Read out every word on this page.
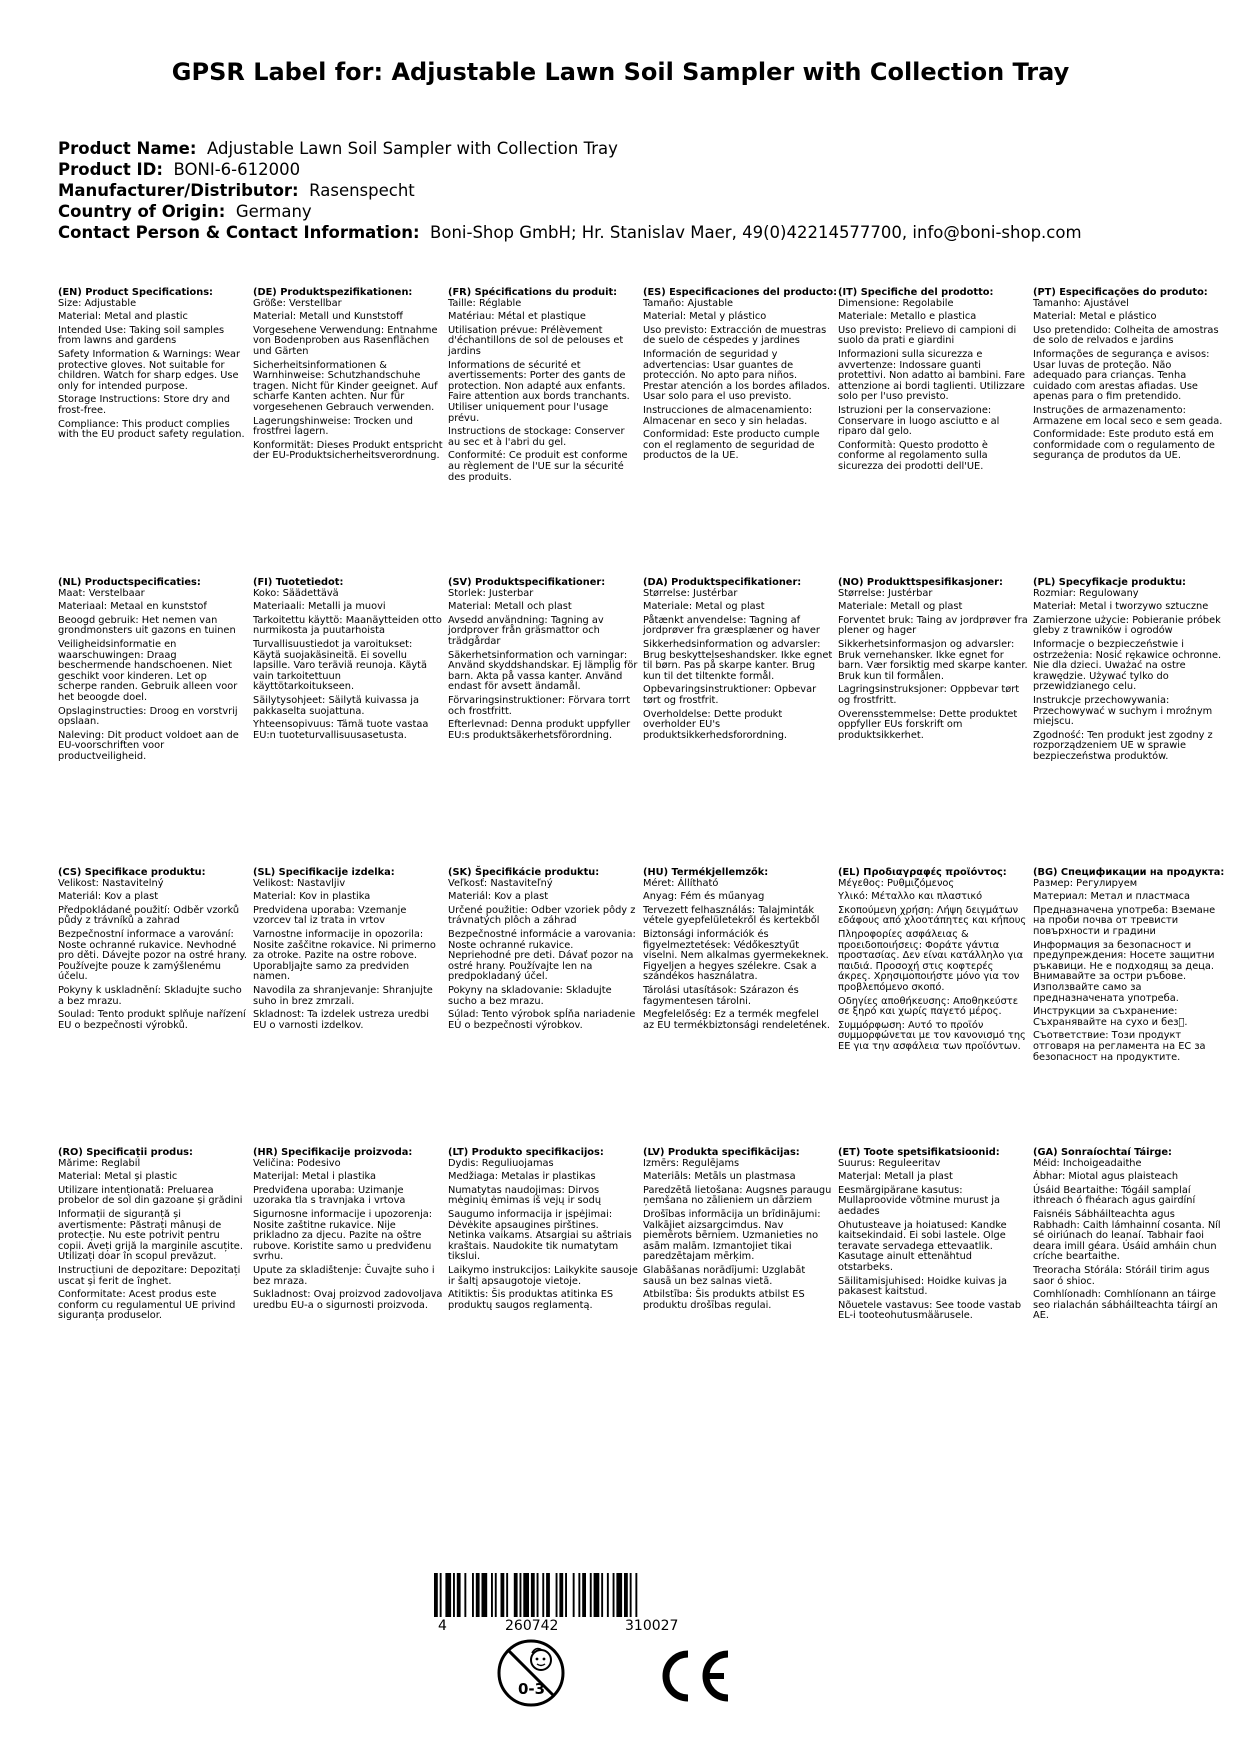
GPSR Label for: Adjustable Lawn Soil Sampler with Collection Tray
Product Name: Adjustable Lawn Soil Sampler with Collection Tray
Product ID: BONI-6-612000
Manufacturer/Distributor: Rasenspecht
Country of Origin: Germany
Contact Person & Contact Information: Boni-Shop GmbH; Hr. Stanislav Maer, 49(0)42214577700, info@boni-shop.com
(EN) Product Specifications:

Size: Adjustable

Material: Metal and plastic

Intended Use: Taking soil samples from lawns and gardens

Safety Information & Warnings: Wear protective gloves. Not suitable for children. Watch for sharp edges. Use only for intended purpose.

Storage Instructions: Store dry and frost-free.

Compliance: This product complies with the EU product safety regulation.

(DE) Produktspezifikationen:

Größe: Verstellbar

Material: Metall und Kunststoff

Vorgesehene Verwendung: Entnahme von Bodenproben aus Rasenflächen und Gärten

Sicherheitsinformationen & Warnhinweise: Schutzhandschuhe tragen. Nicht für Kinder geeignet. Auf scharfe Kanten achten. Nur für vorgesehenen Gebrauch verwenden.

Lagerungshinweise: Trocken und frostfrei lagern.

Konformität: Dieses Produkt entspricht der EU-Produktsicherheitsverordnung.

(FR) Spécifications du produit:

Taille: Réglable

Matériau: Métal et plastique

Utilisation prévue: Prélèvement d'échantillons de sol de pelouses et jardins

Informations de sécurité et avertissements: Porter des gants de protection. Non adapté aux enfants. Faire attention aux bords tranchants. Utiliser uniquement pour l'usage prévu.

Instructions de stockage: Conserver au sec et à l'abri du gel.

Conformité: Ce produit est conforme au règlement de l'UE sur la sécurité des produits.

(ES) Especificaciones del producto:

Tamaño: Ajustable

Material: Metal y plástico

Uso previsto: Extracción de muestras de suelo de céspedes y jardines

Información de seguridad y advertencias: Usar guantes de protección. No apto para niños. Prestar atención a los bordes afilados. Usar solo para el uso previsto.

Instrucciones de almacenamiento: Almacenar en seco y sin heladas.

Conformidad: Este producto cumple con el reglamento de seguridad de productos de la UE.

(IT) Specifiche del prodotto:

Dimensione: Regolabile

Materiale: Metallo e plastica

Uso previsto: Prelievo di campioni di suolo da prati e giardini

Informazioni sulla sicurezza e avvertenze: Indossare guanti protettivi. Non adatto ai bambini. Fare attenzione ai bordi taglienti. Utilizzare solo per l'uso previsto.

Istruzioni per la conservazione: Conservare in luogo asciutto e al riparo dal gelo.

Conformità: Questo prodotto è conforme al regolamento sulla sicurezza dei prodotti dell'UE.

(PT) Especificações do produto:

Tamanho: Ajustável

Material: Metal e plástico

Uso pretendido: Colheita de amostras de solo de relvados e jardins

Informações de segurança e avisos: Usar luvas de proteção. Não adequado para crianças. Tenha cuidado com arestas afiadas. Use apenas para o fim pretendido.

Instruções de armazenamento: Armazene em local seco e sem geada.

Conformidade: Este produto está em conformidade com o regulamento de segurança de produtos da UE.

(NL) Productspecificaties:

Maat: Verstelbaar

Materiaal: Metaal en kunststof

Beoogd gebruik: Het nemen van grondmonsters uit gazons en tuinen

Veiligheidsinformatie en waarschuwingen: Draag beschermende handschoenen. Niet geschikt voor kinderen. Let op scherpe randen. Gebruik alleen voor het beoogde doel.

Opslaginstructies: Droog en vorstvrij opslaan.

Naleving: Dit product voldoet aan de EU-voorschriften voor productveiligheid.

(FI) Tuotetiedot:

Koko: Säädettävä

Materiaali: Metalli ja muovi

Tarkoitettu käyttö: Maanäytteiden otto nurmikosta ja puutarhoista

Turvallisuustiedot ja varoitukset: Käytä suojakäsineitä. Ei sovellu lapsille. Varo teräviä reunoja. Käytä vain tarkoitettuun käyttötarkoitukseen.

Säilytysohjeet: Säilytä kuivassa ja pakkaselta suojattuna.

Yhteensopivuus: Tämä tuote vastaa EU:n tuoteturvallisuusasetusta.

(SV) Produktspecifikationer:

Storlek: Justerbar

Material: Metall och plast

Avsedd användning: Tagning av jordprover från gräsmattor och trädgårdar

Säkerhetsinformation och varningar: Använd skyddshandskar. Ej lämplig för barn. Akta på vassa kanter. Använd endast för avsett ändamål.

Förvaringsinstruktioner: Förvara torrt och frostfritt.

Efterlevnad: Denna produkt uppfyller EU:s produktsäkerhetsförordning.

(DA) Produktspecifikationer:

Størrelse: Justérbar

Materiale: Metal og plast

Påtænkt anvendelse: Tagning af jordprøver fra græsplæner og haver

Sikkerhedsinformation og advarsler: Brug beskyttelseshandsker. Ikke egnet til børn. Pas på skarpe kanter. Brug kun til det tiltenkte formål.

Opbevaringsinstruktioner: Opbevar tørt og frostfrit.

Overholdelse: Dette produkt overholder EU's produktsikkerhedsforordning.

(NO) Produkttspesifikasjoner:

Størrelse: Justérbar

Materiale: Metall og plast

Forventet bruk: Taing av jordprøver fra plener og hager

Sikkerhetsinformasjon og advarsler: Bruk vernehansker. Ikke egnet for barn. Vær forsiktig med skarpe kanter. Bruk kun til formålen.

Lagringsinstruksjoner: Oppbevar tørt og frostfritt.

Overensstemmelse: Dette produktet oppfyller EUs forskrift om produktsikkerhet.

(PL) Specyfikacje produktu:

Rozmiar: Regulowany

Materiał: Metal i tworzywo sztuczne

Zamierzone użycie: Pobieranie próbek gleby z trawników i ogrodów

Informacje o bezpieczeństwie i ostrzeżenia: Nosić rękawice ochronne. Nie dla dzieci. Uważać na ostre krawędzie. Używać tylko do przewidzianego celu.

Instrukcje przechowywania: Przechowywać w suchym i mroźnym miejscu.

Zgodność: Ten produkt jest zgodny z rozporządzeniem UE w sprawie bezpieczeństwa produktów.

(CS) Specifikace produktu:

Velikost: Nastavitelný

Materiál: Kov a plast

Předpokládané použití: Odběr vzorků půdy z trávníků a zahrad

Bezpečnostní informace a varování: Noste ochranné rukavice. Nevhodné pro děti. Dávejte pozor na ostré hrany. Používejte pouze k zamýšlenému účelu.

Pokyny k uskladnění: Skladujte suchо a bez mrazu.

Soulad: Tento produkt splňuje nařízení EU o bezpečnosti výrobků.

(SL) Specifikacije izdelka:

Velikost: Nastavljiv

Material: Kov in plastika

Predvidena uporaba: Vzemanje vzorcev tal iz trata in vrtov

Varnostne informacije in opozorila: Nosite zaščitne rokavice. Ni primerno za otroke. Pazite na ostre robove. Uporabljajte samo za predviden namen.

Navodila za shranjevanje: Shranjujte suho in brez zmrzali.

Skladnost: Ta izdelek ustreza uredbi EU o varnosti izdelkov.

(SK) Špecifikácie produktu:

Veľkosť: Nastaviteľný

Materiál: Kov a plast

Určené použitie: Odber vzoriek pôdy z trávnatých plôch a záhrad

Bezpečnostné informácie a varovania: Noste ochranné rukavice. Nepriehodné pre deti. Dávať pozor na ostré hrany. Používajte len na predpokladaný účel.

Pokyny na skladovanie: Skladujte sucho a bez mrazu.

Súlad: Tento výrobok spĺňa nariadenie EÚ o bezpečnosti výrobkov.

(HU) Termékjellemzők:

Méret: Állítható

Anyag: Fém és műanyag

Tervezett felhasználás: Talajminták vétele gyepfelületekről és kertekből

Biztonsági információk és figyelmeztetések: Védőkesztyűt viselni. Nem alkalmas gyermekeknek. Figyeljen a hegyes szélekre. Csak a szándékos használatra.

Tárolási utasítások: Szárazon és fagymentesen tárolni.

Megfelelőség: Ez a termék megfelel az EU termékbiztonsági rendeletének.

(EL) Προδιαγραφές προϊόντος:

Μέγεθος: Ρυθμιζόμενος

Υλικό: Μέταλλο και πλαστικό

Σκοπούμενη χρήση: Λήψη δειγμάτων εδάφους από χλοοτάπητες και κήπους

Πληροφορίες ασφάλειας & προειδοποιήσεις: Φοράτε γάντια προστασίας. Δεν είναι κατάλληλο για παιδιά. Προσοχή στις κοφτερές άκρες. Χρησιμοποιήστε μόνο για τον προβλεπόμενο σκοπό.

Οδηγίες αποθήκευσης: Αποθηκεύστε σε ξηρό και χωρίς παγετό μέρος.

Συμμόρφωση: Αυτό το προϊόν συμμορφώνεται με τον κανονισμό της ΕΕ για την ασφάλεια των προϊόντων.

(BG) Спецификации на продукта:

Размер: Регулируем

Материал: Метал и пластмаса

Предназначена употреба: Вземане на проби почва от тревисти повърхности и градини

Информация за безопасност и предупреждения: Носете защитни ръкавици. Не е подходящ за деца. Внимавайте за остри ръбове. Използвайте само за предназначената употреба.

Инструкции за съхранение: Съхранявайте на сухо и без⃝.

Съответствие: Този продукт отговаря на регламента на ЕС за безопасност на продуктите.

(RO) Specificații produs:

Mărime: Reglabil

Material: Metal și plastic

Utilizare intenționată: Preluarea probelor de sol din gazoane și grădini

Informații de siguranță și avertismente: Păstrați mânuși de protecție. Nu este potrivit pentru copii. Aveți grijă la marginile ascuțite. Utilizați doar în scopul prevăzut.

Instrucțiuni de depozitare: Depozitați uscat și ferit de înghet.

Conformitate: Acest produs este conform cu regulamentul UE privind siguranța produselor.

(HR) Specifikacije proizvoda:

Veličina: Podesivo

Materijal: Metal i plastika

Predviđena uporaba: Uzimanje uzoraka tla s travnjaka i vrtova

Sigurnosne informacije i upozorenja: Nosite zaštitne rukavice. Nije prikladno za djecu. Pazite na oštre rubove. Koristite samo u predviđenu svrhu.

Upute za skladištenje: Čuvajte suho i bez mraza.

Sukladnost: Ovaj proizvod zadovoljava uredbu EU-a o sigurnosti proizvoda.

(LT) Produkto specifikacijos:

Dydis: Reguliuojamas

Medžiaga: Metalas ir plastikas

Numatytas naudojimas: Dirvos mėginių ėmimas iš vejų ir sodų

Saugumo informacija ir įspėjimai: Dėvėkite apsaugines pirštines. Netinka vaikams. Atsargiai su aštriais kraštais. Naudokite tik numatytam tikslui.

Laikymo instrukcijos: Laikykite sausoje ir šaltį apsaugotoje vietoje.

Atitiktis: Šis produktas atitinka ES produktų saugos reglamentą.

(LV) Produkta specifikācijas:

Izmērs: Regulējams

Materiāls: Metāls un plastmasa

Paredzētā lietošana: Augsnes paraugu ņemšana no zālieniem un dārziem

Drošības informācija un brīdinājumi: Valkājiet aizsargcimdus. Nav piemērots bērniem. Uzmanieties no asām malām. Izmantojiet tikai paredzētajam mērķim.

Glabāšanas norādījumi: Uzglabāt sausā un bez salnas vietā.

Atbilstība: Šis produkts atbilst ES produktu drošības regulai.

(ET) Toote spetsifikatsioonid:

Suurus: Reguleeritav

Materjal: Metall ja plast

Eesmärgipärane kasutus: Mullaproovide võtmine murust ja aedades

Ohutusteave ja hoiatused: Kandke kaitsekindaid. Ei sobi lastele. Olge teravate servadega ettevaatlik. Kasutage ainult ettenähtud otstarbeks.

Säilitamisjuhised: Hoidke kuivas ja pakasest kaitstud.

Nõuetele vastavus: See toode vastab EL-i tooteohutusmäärusele.

(GA) Sonraíochtaí Táirge:

Méid: Inchoigeadaithe

Ábhar: Miotal agus plaisteach

Úsáid Beartaithe: Tógáil samplaí ithreach ó fhéarach agus gairdíní

Faisnéis Sábháilteachta agus Rabhadh: Caith lámhainní cosanta. Níl sé oiriúnach do leanaí. Tabhair faoi deara imill géara. Úsáid amháin chun críche beartaithe.

Treoracha Stórála: Stóráil tirim agus saor ó shioc.

Comhlíonadh: Comhlíonann an táirge seo rialachán sábháilteachta táirgí an AE.

4	260742	310027
0-3
